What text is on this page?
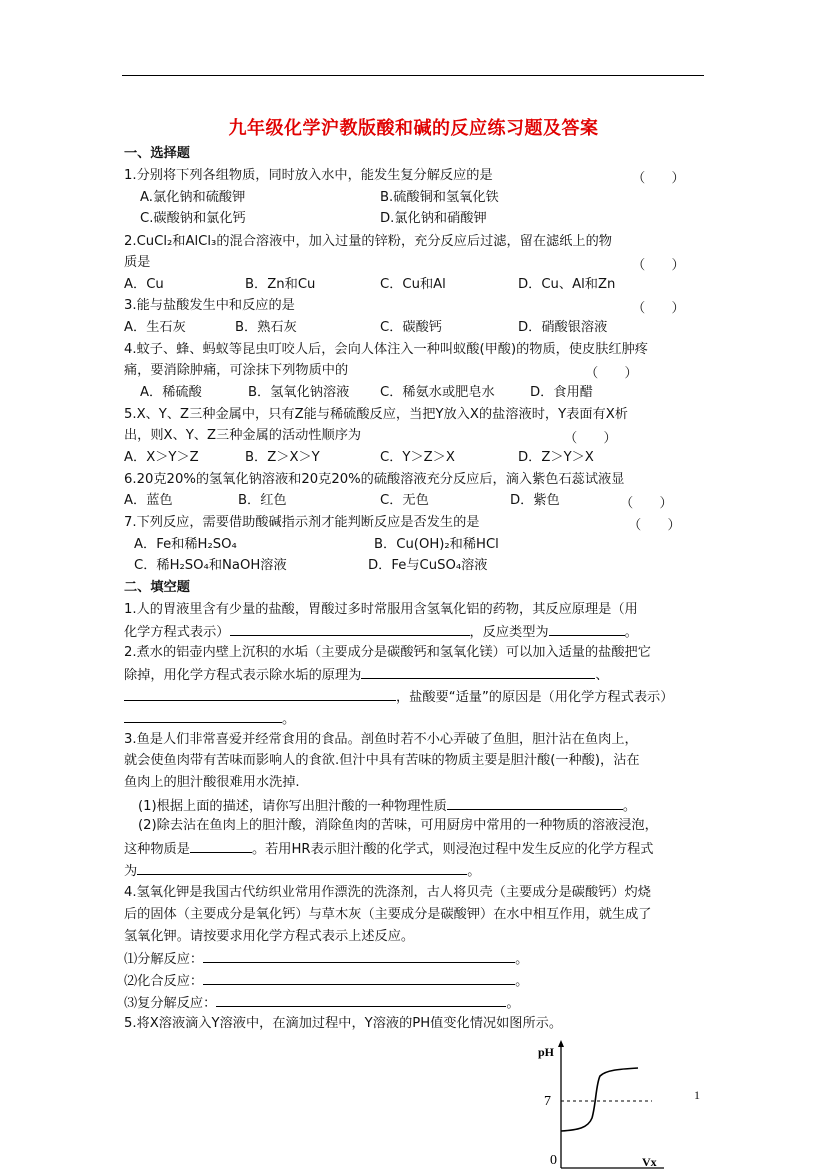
九年级化学沪教版酸和碱的反应练习题及答案
一、选择题
1.分别将下列各组物质，同时放入水中，能发生复分解反应的是	（　　）
A.氯化钠和硫酸钾	B.硫酸铜和氢氧化铁
C.碳酸钠和氯化钙	D.氯化钠和硝酸钾
2.CuCl₂和AlCl₃的混合溶液中，加入过量的锌粉，充分反应后过滤，留在滤纸上的物
质是	（　　）
A．Cu	B．Zn和Cu	C．Cu和Al	D．Cu、Al和Zn
3.能与盐酸发生中和反应的是	（　　）
A．生石灰	B．熟石灰	C．碳酸钙	D．硝酸银溶液
4.蚊子、蜂、蚂蚁等昆虫叮咬人后，会向人体注入一种叫蚁酸(甲酸)的物质，使皮肤红肿疼
痛，要消除肿痛，可涂抹下列物质中的	（　　）
A．稀硫酸	B．氢氧化钠溶液 C．稀氨水或肥皂水	D．食用醋
5.X、Y、Z三种金属中，只有Z能与稀硫酸反应，当把Y放入X的盐溶液时，Y表面有X析
出，则X、Y、Z三种金属的活动性顺序为	（　　）
A．X＞Y＞Z	B．Z＞X＞Y	C．Y＞Z＞X	D．Z＞Y＞X
6.20克20%的氢氧化钠溶液和20克20%的硫酸溶液充分反应后，滴入紫色石蕊试液显
A．蓝色	B．红色	C．无色	D．紫色	（　　）
7.下列反应，需要借助酸碱指示剂才能判断反应是否发生的是	（　　）
A．Fe和稀H₂SO₄	B．Cu(OH)₂和稀HCl
C．稀H₂SO₄和NaOH溶液	D．Fe与CuSO₄溶液
二、填空题
1.人的胃液里含有少量的盐酸，胃酸过多时常服用含氢氧化铝的药物，其反应原理是（用
化学方程式表示）	，反应类型为	。
2.煮水的铝壶内壁上沉积的水垢（主要成分是碳酸钙和氢氧化镁）可以加入适量的盐酸把它
除掉，用化学方程式表示除水垢的原理为	、
，盐酸要“适量”的原因是（用化学方程式表示）
。
3.鱼是人们非常喜爱并经常食用的食品。剖鱼时若不小心弄破了鱼胆，胆汁沾在鱼肉上，
就会使鱼肉带有苦味而影响人的食欲.但汁中具有苦味的物质主要是胆汁酸(一种酸)，沾在
鱼肉上的胆汁酸很难用水洗掉.
(1)根据上面的描述，请你写出胆汁酸的一种物理性质	。
(2)除去沾在鱼肉上的胆汁酸，消除鱼肉的苦味，可用厨房中常用的一种物质的溶液浸泡，
这种物质是	。若用HR表示胆汁酸的化学式，则浸泡过程中发生反应的化学方程式
为	。
4.氢氧化钾是我国古代纺织业常用作漂洗的洗涤剂，古人将贝壳（主要成分是碳酸钙）灼烧
后的固体（主要成分是氧化钙）与草木灰（主要成分是碳酸钾）在水中相互作用，就生成了
氢氧化钾。请按要求用化学方程式表示上述反应。
⑴分解反应：	。
⑵化合反应：	。
⑶复分解反应：	。
5.将X溶液滴入Y溶液中，在滴加过程中，Y溶液的PH值变化情况如图所示。
1
pH
7
0	Vx
